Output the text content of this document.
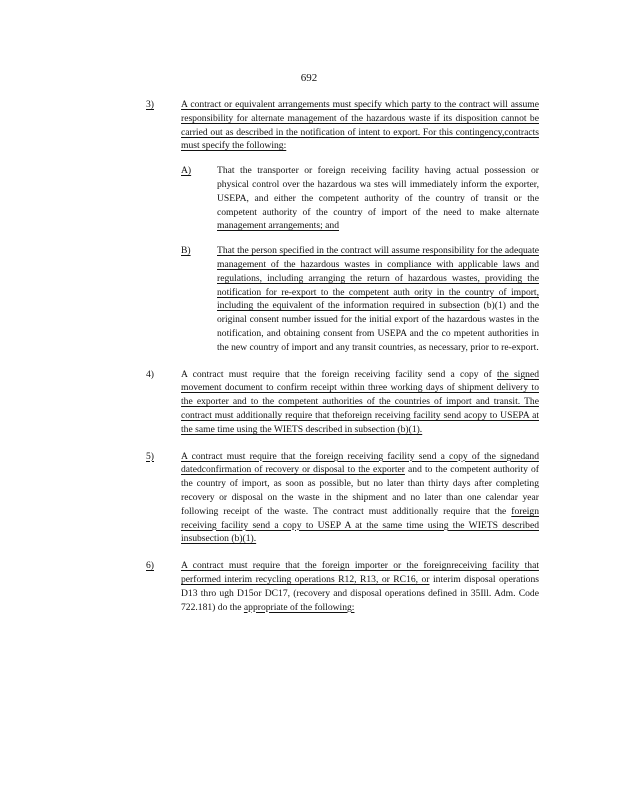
692
3)	A contract or equivalent arrangements must specify which party to the contract will assume responsibility for alternate management of the hazardous waste if its disposition cannot be carried out as described in the notification of intent to export. For this contingency,contracts must specify the following:
A)	That the transporter or foreign receiving facility having actual possession or physical control over the hazardous wa stes will immediately inform the exporter, USEPA, and either the competent authority of the country of transit or the competent authority of the country of import of the need to make alternate management arrangements; and
B)	That the person specified in the contract will assume responsibility for the adequate management of the hazardous wastes in compliance with applicable laws and regulations, including arranging the return of hazardous wastes, providing the notification for re-export to the competent auth ority in the country of import, including the equivalent of the information required in subsection (b)(1) and the original consent number issued for the initial export of the hazardous wastes in the notification, and obtaining consent from USEPA and the co mpetent authorities in the new country of import and any transit countries, as necessary, prior to re-export.
4)	A contract must require that the foreign receiving facility send a copy of the signed movement document to confirm receipt within three working days of shipment delivery to the exporter and to the competent authorities of the countries of import and transit. The contract must additionally require that theforeign receiving facility send acopy to USEPA at the same time using the WIETS described in subsection (b)(1).
5)	A contract must require that the foreign receiving facility send a copy of the signedand datedconfirmation of recovery or disposal to the exporter and to the competent authority of the country of import, as soon as possible, but no later than thirty days after completing recovery or disposal on the waste in the shipment and no later than one calendar year following receipt of the waste. The contract must additionally require that the foreign receiving facility send a copy to USEP A at the same time using the WIETS described insubsection (b)(1).
6)	A contract must require that the foreign importer or the foreignreceiving facility that performed interim recycling operations R12, R13, or RC16, or interim disposal operations D13 thro ugh D15or DC17, (recovery and disposal operations defined in 35Ill. Adm. Code 722.181) do the appropriate of the following:
